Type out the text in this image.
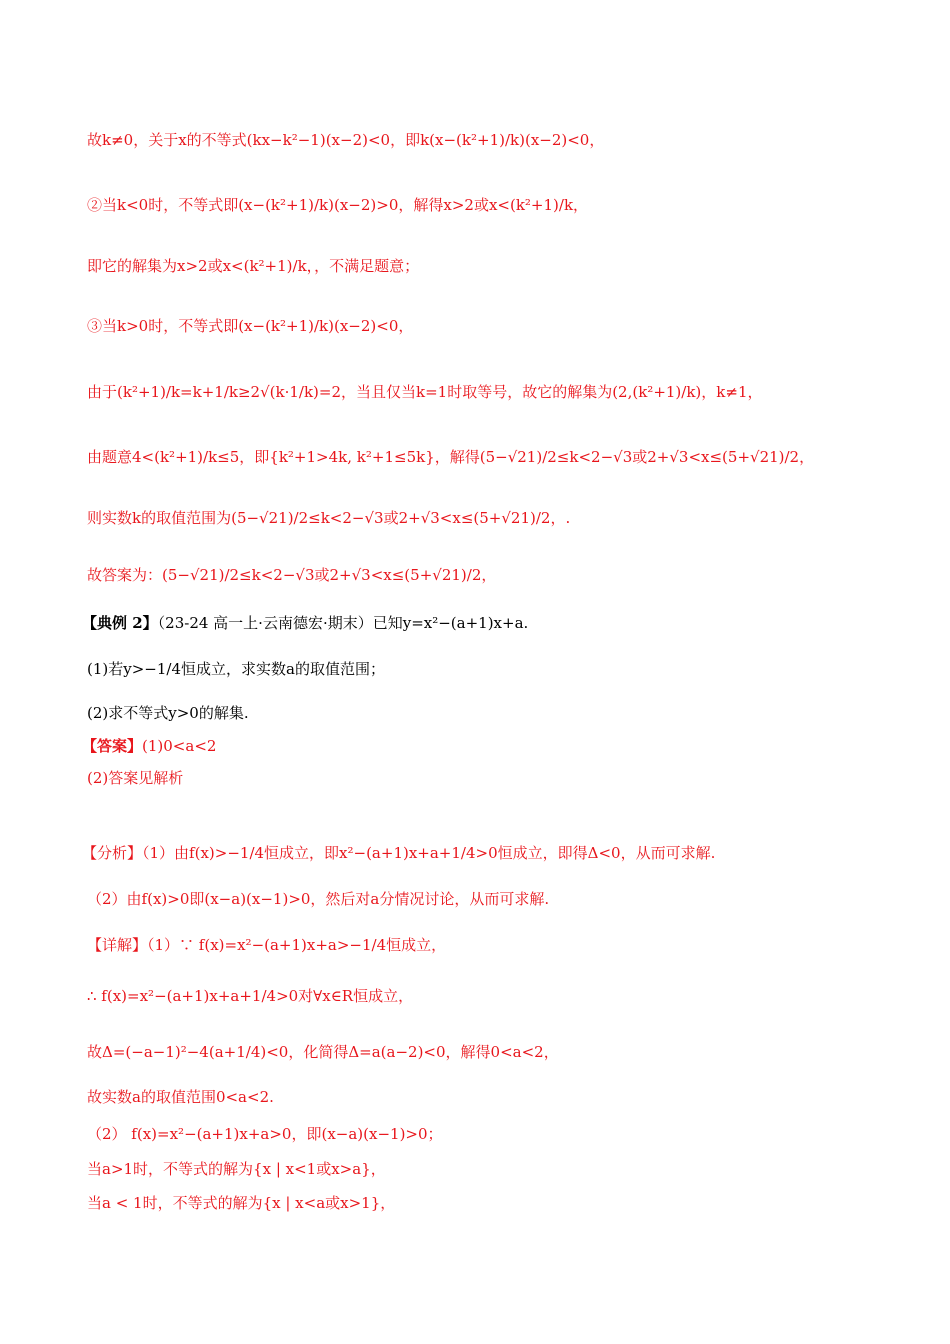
故k≠0，关于x的不等式(kx−k²−1)(x−2)<0，即k(x−(k²+1)/k)(x−2)<0，
②当k<0时，不等式即(x−(k²+1)/k)(x−2)>0，解得x>2或x<(k²+1)/k，
即它的解集为x>2或x<(k²+1)/k，，不满足题意；
③当k>0时，不等式即(x−(k²+1)/k)(x−2)<0，
由于(k²+1)/k=k+1/k≥2√(k·1/k)=2，当且仅当k=1时取等号，故它的解集为(2,(k²+1)/k)，k≠1，
由题意4<(k²+1)/k≤5，即{k²+1>4k, k²+1≤5k}，解得(5−√21)/2≤k<2−√3或2+√3<x≤(5+√21)/2，
则实数k的取值范围为(5−√21)/2≤k<2−√3或2+√3<x≤(5+√21)/2，.
故答案为：(5−√21)/2≤k<2−√3或2+√3<x≤(5+√21)/2，
【典例 2】（23-24 高一上·云南德宏·期末）已知y=x²−(a+1)x+a.
(1)若y>−1/4恒成立，求实数a的取值范围；
(2)求不等式y>0的解集.
【答案】(1)0<a<2
(2)答案见解析
【分析】（1）由f(x)>−1/4恒成立，即x²−(a+1)x+a+1/4>0恒成立，即得Δ<0，从而可求解.
（2）由f(x)>0即(x−a)(x−1)>0，然后对a分情况讨论，从而可求解.
【详解】（1）∵ f(x)=x²−(a+1)x+a>−1/4恒成立，
∴ f(x)=x²−(a+1)x+a+1/4>0对∀x∈R恒成立，
故Δ=(−a−1)²−4(a+1/4)<0，化简得Δ=a(a−2)<0，解得0<a<2，
故实数a的取值范围0<a<2.
（2） f(x)=x²−(a+1)x+a>0，即(x−a)(x−1)>0；
当a>1时，不等式的解为{x | x<1或x>a}，
当a < 1时，不等式的解为{x | x<a或x>1}，
